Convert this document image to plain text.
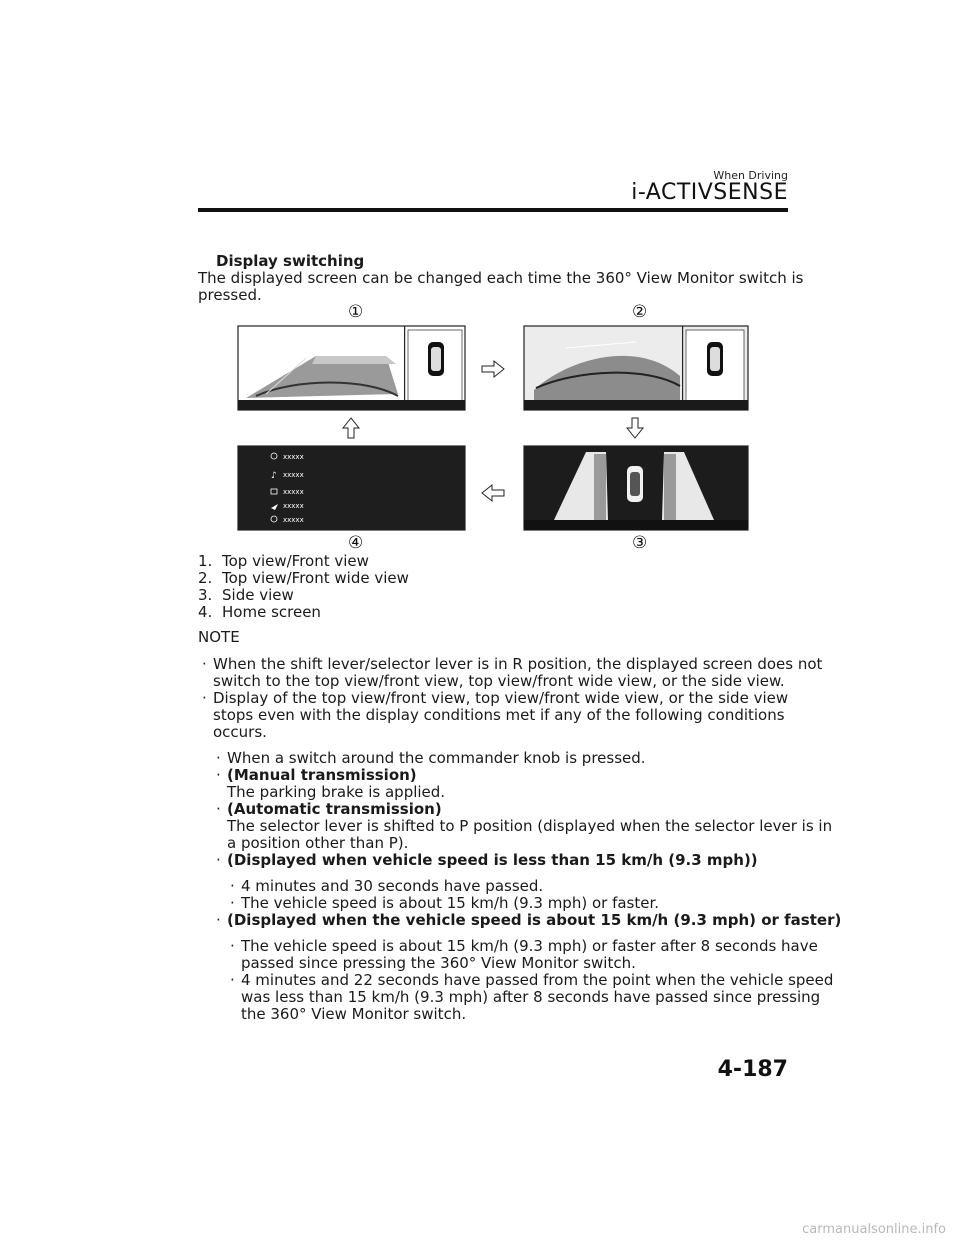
When Driving
i-ACTIVSENSE
Display switching
The displayed screen can be changed each time the 360° View Monitor switch is
pressed.
♪
xxxxx
xxxxx
xxxxx
xxxxx
xxxxx
①	②
③
④
1. Top view/Front view
2. Top view/Front wide view
3. Side view
4. Home screen
NOTE
· When the shift lever/selector lever is in R position, the displayed screen does not
switch to the top view/front view, top view/front wide view, or the side view.
· Display of the top view/front view, top view/front wide view, or the side view
stops even with the display conditions met if any of the following conditions
occurs.
· When a switch around the commander knob is pressed.
· (Manual transmission)
The parking brake is applied.
· (Automatic transmission)
The selector lever is shifted to P position (displayed when the selector lever is in
a position other than P).
· (Displayed when vehicle speed is less than 15 km/h (9.3 mph))
· 4 minutes and 30 seconds have passed.
· The vehicle speed is about 15 km/h (9.3 mph) or faster.
· (Displayed when the vehicle speed is about 15 km/h (9.3 mph) or faster)
· The vehicle speed is about 15 km/h (9.3 mph) or faster after 8 seconds have
passed since pressing the 360° View Monitor switch.
· 4 minutes and 22 seconds have passed from the point when the vehicle speed
was less than 15 km/h (9.3 mph) after 8 seconds have passed since pressing
the 360° View Monitor switch.
4-187
carmanualsonline.info
